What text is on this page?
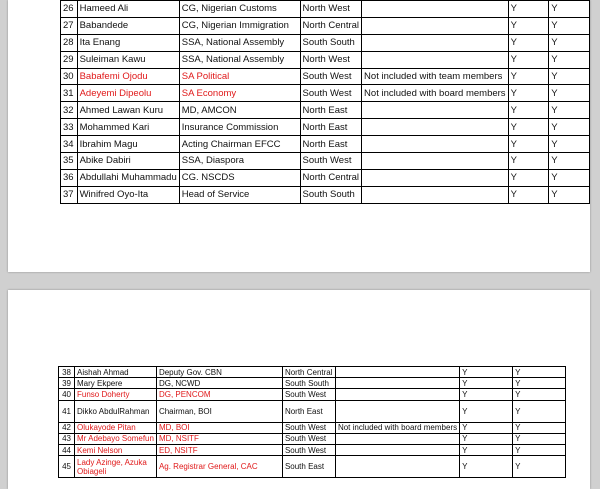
26	Hameed Ali	CG, Nigerian Customs	North West		Y	Y
27	Babandede	CG, Nigerian Immigration	North Central		Y	Y
28	Ita Enang	SSA, National Assembly	South South		Y	Y
29	Suleiman Kawu	SSA, National Assembly	North West		Y	Y
30	Babafemi Ojodu	SA Political	South West	Not included with team members	Y	Y
31	Adeyemi Dipeolu	SA Economy	South West	Not included with board members	Y	Y
32	Ahmed Lawan Kuru	MD, AMCON	North East		Y	Y
33	Mohammed Kari	Insurance Commission	North East		Y	Y
34	Ibrahim Magu	Acting Chairman EFCC	North East		Y	Y
35	Abike Dabiri	SSA, Diaspora	South West		Y	Y
36	Abdullahi Muhammadu	CG. NSCDS	North Central		Y	Y
37	Winifred Oyo-Ita	Head of Service	South South		Y	Y
38	Aishah Ahmad	Deputy Gov. CBN	North Central		Y	Y
39	Mary Ekpere	DG, NCWD	South South		Y	Y
40	Funso Doherty	DG, PENCOM	South West		Y	Y
41	Dikko AbdulRahman	Chairman, BOI	North East		Y	Y
42	Olukayode Pitan	MD, BOI	South West	Not included with board members	Y	Y
43	Mr Adebayo Somefun	MD, NSITF	South West		Y	Y
44	Kemi Nelson	ED, NSITF	South West		Y	Y
45	Lady Azinge, Azuka Obiageli	Ag. Registrar General, CAC	South East		Y	Y
